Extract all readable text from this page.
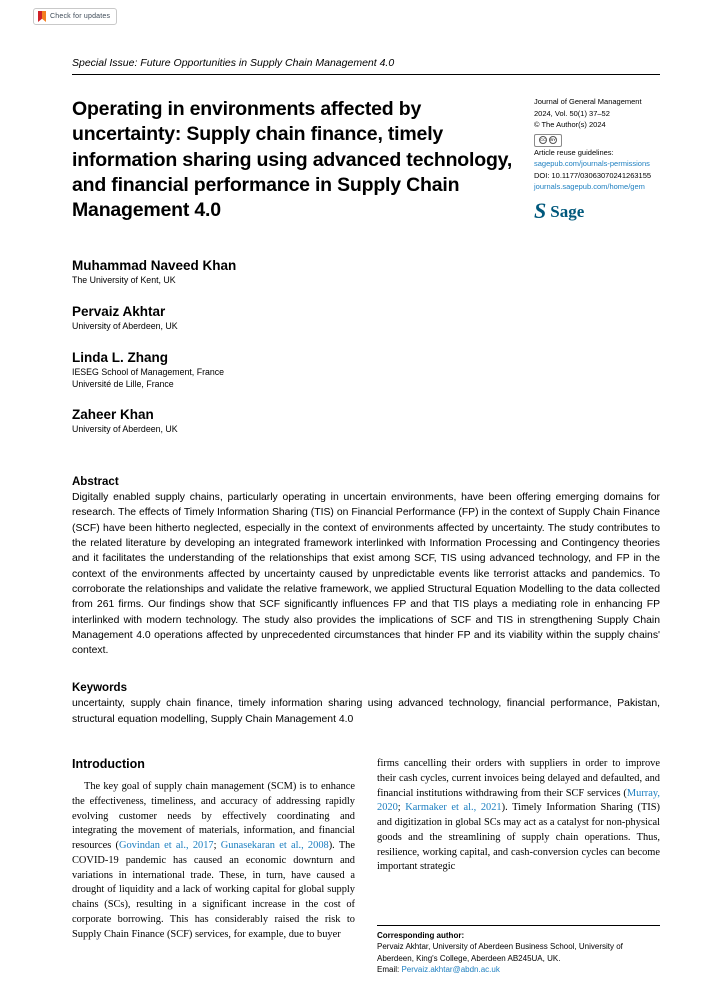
Check for updates
Special Issue: Future Opportunities in Supply Chain Management 4.0
Operating in environments affected by uncertainty: Supply chain finance, timely information sharing using advanced technology, and financial performance in Supply Chain Management 4.0
Journal of General Management
2024, Vol. 50(1) 37–52
© The Author(s) 2024
CC	BY
Article reuse guidelines:
sagepub.com/journals-permissions
DOI: 10.1177/03063070241263155
journals.sagepub.com/home/gem
S Sage
Muhammad Naveed Khan
The University of Kent, UK
Pervaiz Akhtar
University of Aberdeen, UK
Linda L. Zhang
IESEG School of Management, France
Université de Lille, France
Zaheer Khan
University of Aberdeen, UK
Abstract
Digitally enabled supply chains, particularly operating in uncertain environments, have been offering emerging domains for research. The effects of Timely Information Sharing (TIS) on Financial Performance (FP) in the context of Supply Chain Finance (SCF) have been hitherto neglected, especially in the context of environments affected by uncertainty. The study contributes to the related literature by developing an integrated framework interlinked with Information Processing and Contingency theories and it facilitates the understanding of the relationships that exist among SCF, TIS using advanced technology, and FP in the context of the environments affected by uncertainty caused by unpredictable events like terrorist attacks and pandemics. To corroborate the relationships and validate the relative framework, we applied Structural Equation Modelling to the data collected from 261 firms. Our findings show that SCF significantly influences FP and that TIS plays a mediating role in enhancing FP interlinked with modern technology. The study also provides the implications of SCF and TIS in strengthening Supply Chain Management 4.0 operations affected by unprecedented circumstances that hinder FP and its viability within the supply chains' context.
Keywords
uncertainty, supply chain finance, timely information sharing using advanced technology, financial performance, Pakistan, structural equation modelling, Supply Chain Management 4.0
Introduction

The key goal of supply chain management (SCM) is to enhance the effectiveness, timeliness, and accuracy of addressing rapidly evolving customer needs by effectively coordinating and integrating the movement of materials, information, and financial resources (Govindan et al., 2017; Gunasekaran et al., 2008). The COVID-19 pandemic has caused an economic downturn and variations in international trade. These, in turn, have caused a drought of liquidity and a lack of working capital for global supply chains (SCs), resulting in a significant increase in the cost of corporate borrowing. This has considerably raised the risk to Supply Chain Finance (SCF) services, for example, due to buyer

firms cancelling their orders with suppliers in order to improve their cash cycles, current invoices being delayed and defaulted, and financial institutions withdrawing from their SCF services (Murray, 2020; Karmaker et al., 2021). Timely Information Sharing (TIS) and digitization in global SCs may act as a catalyst for non-physical goods and the streamlining of supply chain operations. Thus, resilience, working capital, and cash-conversion cycles can become important strategic

Corresponding author:
Pervaiz Akhtar, University of Aberdeen Business School, University of Aberdeen, King's College, Aberdeen AB245UA, UK.
Email: Pervaiz.akhtar@abdn.ac.uk
